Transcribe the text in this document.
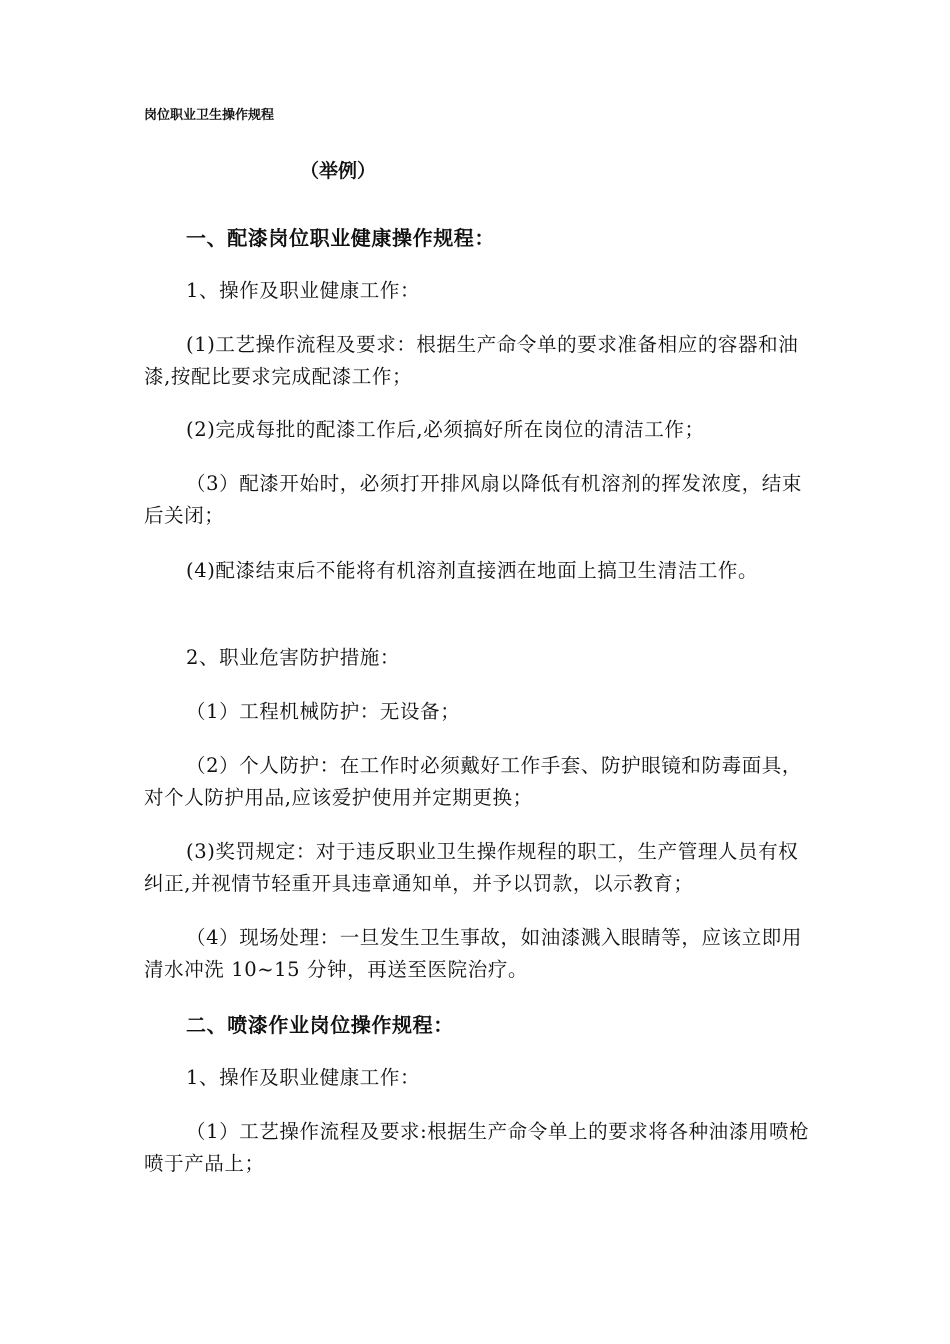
岗位职业卫生操作规程

（举例）

一、配漆岗位职业健康操作规程：

1、操作及职业健康工作：

(1)工艺操作流程及要求：根据生产命令单的要求准备相应的容器和油漆,按配比要求完成配漆工作；

(2)完成每批的配漆工作后,必须搞好所在岗位的清洁工作；

（3）配漆开始时，必须打开排风扇以降低有机溶剂的挥发浓度，结束后关闭；

(4)配漆结束后不能将有机溶剂直接洒在地面上搞卫生清洁工作。

2、职业危害防护措施：

（1）工程机械防护：无设备；

（2）个人防护：在工作时必须戴好工作手套、防护眼镜和防毒面具，对个人防护用品,应该爱护使用并定期更换；

(3)奖罚规定：对于违反职业卫生操作规程的职工，生产管理人员有权纠正,并视情节轻重开具违章通知单，并予以罚款，以示教育；

（4）现场处理：一旦发生卫生事故，如油漆溅入眼睛等，应该立即用清水冲洗 10~15 分钟，再送至医院治疗。

二、喷漆作业岗位操作规程：

1、操作及职业健康工作：

（1）工艺操作流程及要求:根据生产命令单上的要求将各种油漆用喷枪喷于产品上；
